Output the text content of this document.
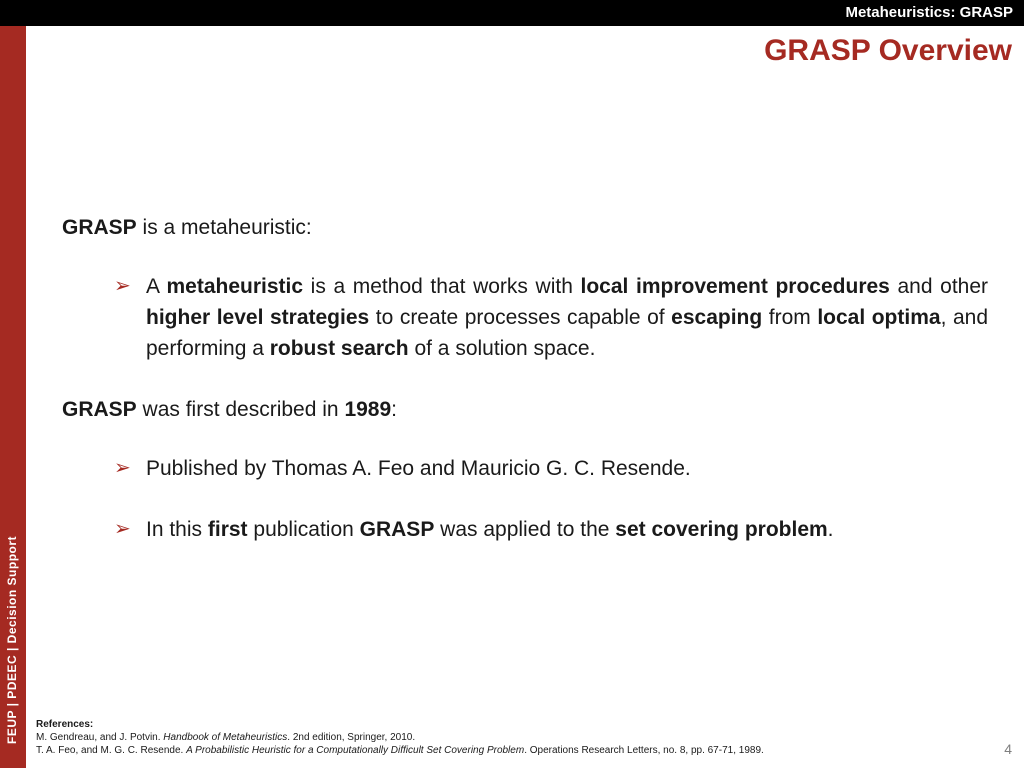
Metaheuristics: GRASP
FEUP | PDEEC | Decision Support
GRASP Overview

GRASP is a metaheuristic:

➢ A metaheuristic is a method that works with local improvement procedures and other higher level strategies to create processes capable of escaping from local optima, and performing a robust search of a solution space.

GRASP was first described in 1989:

➢ Published by Thomas A. Feo and Mauricio G. C. Resende.

➢ In this first publication GRASP was applied to the set covering problem.

References:
M. Gendreau, and J. Potvin. Handbook of Metaheuristics. 2nd edition, Springer, 2010.
T. A. Feo, and M. G. C. Resende. A Probabilistic Heuristic for a Computationally Difficult Set Covering Problem. Operations Research Letters, no. 8, pp. 67-71, 1989.	4
